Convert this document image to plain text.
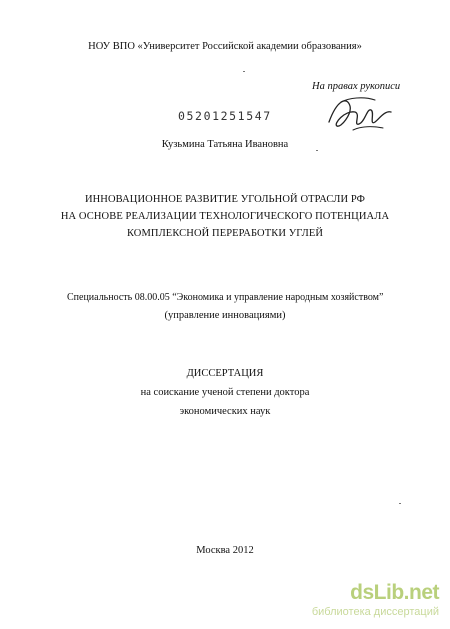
НОУ ВПО «Университет Российской академии образования»
На правах рукописи
05201251547
Кузьмина Татьяна Ивановна
ИННОВАЦИОННОЕ РАЗВИТИЕ УГОЛЬНОЙ ОТРАСЛИ РФ
НА ОСНОВЕ РЕАЛИЗАЦИИ ТЕХНОЛОГИЧЕСКОГО ПОТЕНЦИАЛА
КОМПЛЕКСНОЙ ПЕРЕРАБОТКИ УГЛЕЙ
Специальность 08.00.05 “Экономика и управление народным хозяйством”
(управление инновациями)
ДИССЕРТАЦИЯ
на соискание ученой степени доктора
экономических наук
Москва 2012
dsLib.net
библиотека диссертаций
